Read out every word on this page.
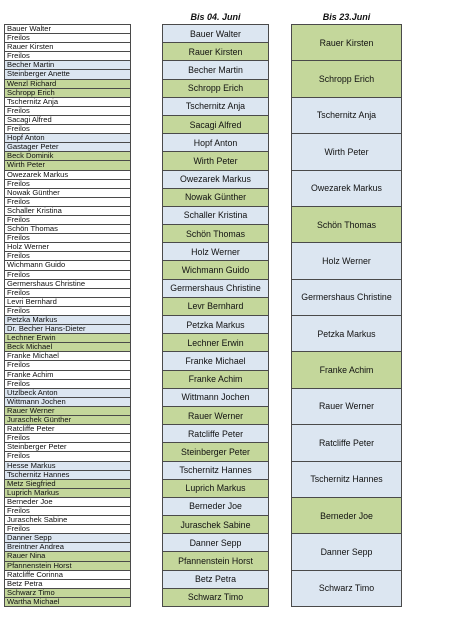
Bis 04. Juni	Bis 23.Juni
Bauer Walter
Freilos
Rauer Kirsten
Freilos
Becher Martin
Steinberger Anette
Wenzl Richard
Schropp Erich
Tschernitz Anja
Freilos
Sacagi Alfred
Freilos
Hopf Anton
Gastager Peter
Beck Dominik
Wirth Peter
Owezarek Markus
Freilos
Nowak Günther
Freilos
Schaller Kristina
Freilos
Schön Thomas
Freilos
Holz Werner
Freilos
Wichmann Guido
Freilos
Germershaus Christine
Freilos
Levri Bernhard
Freilos
Petzka Markus
Dr. Becher Hans-Dieter
Lechner Erwin
Beck Michael
Franke Michael
Freilos
Franke Achim
Freilos
Utzlbeck Anton
Wittmann Jochen
Rauer Werner
Juraschek Günther
Ratcliffe Peter
Freilos
Steinberger Peter
Freilos
Hesse Markus
Tschernitz Hannes
Metz Siegfried
Luprich Markus
Berneder Joe
Freilos
Juraschek Sabine
Freilos
Danner Sepp
Breintner Andrea
Rauer Nina
Pfannenstein Horst
Ratcliffe Corinna
Betz Petra
Schwarz Timo
Wartha Michael
Bauer Walter
Rauer Kirsten
Becher Martin
Schropp Erich
Tschernitz Anja
Sacagi Alfred
Hopf Anton
Wirth Peter
Owezarek Markus
Nowak Günther
Schaller Kristina
Schön Thomas
Holz Werner
Wichmann Guido
Germershaus Christine
Levr Bernhard
Petzka Markus
Lechner Erwin
Franke Michael
Franke Achim
Wittmann Jochen
Rauer Werner
Ratcliffe Peter
Steinberger Peter
Tschernitz Hannes
Luprich Markus
Berneder Joe
Juraschek Sabine
Danner Sepp
Pfannenstein Horst
Betz Petra
Schwarz Timo
Rauer Kirsten
Schropp Erich
Tschernitz Anja
Wirth Peter
Owezarek Markus
Schön Thomas
Holz Werner
Germershaus Christine
Petzka Markus
Franke Achim
Rauer Werner
Ratcliffe Peter
Tschernitz Hannes
Berneder Joe
Danner Sepp
Schwarz Timo
